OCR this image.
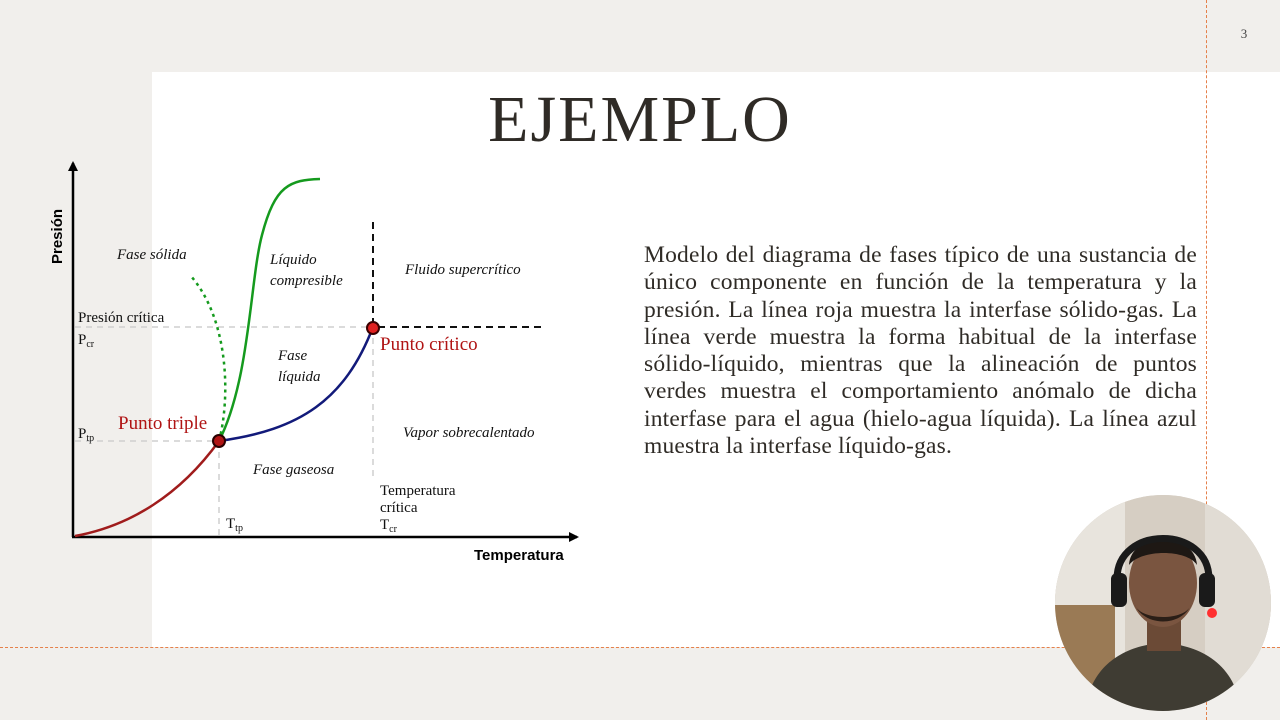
3
EJEMPLO
Presión
Temperatura
Fase sólida	Líquido
compresible
Fluido supercrítico
Fase
líquida
Vapor sobrecalentado
Fase gaseosa
Punto triple
Punto crítico
Presión crítica
$P_{cr}$
$P_{tp}$
$T_{tp}$
Temperatura
crítica
$T_{cr}$
Modelo del diagrama de fases típico de una sustancia de único componente en función de la temperatura y la presión. La línea roja muestra la interfase sólido-gas. La línea verde muestra la forma habitual de la interfase sólido-líquido, mientras que la alineación de puntos verdes muestra el comportamiento anómalo de dicha interfase para el agua (hielo-agua líquida). La línea azul muestra la interfase líquido-gas.
